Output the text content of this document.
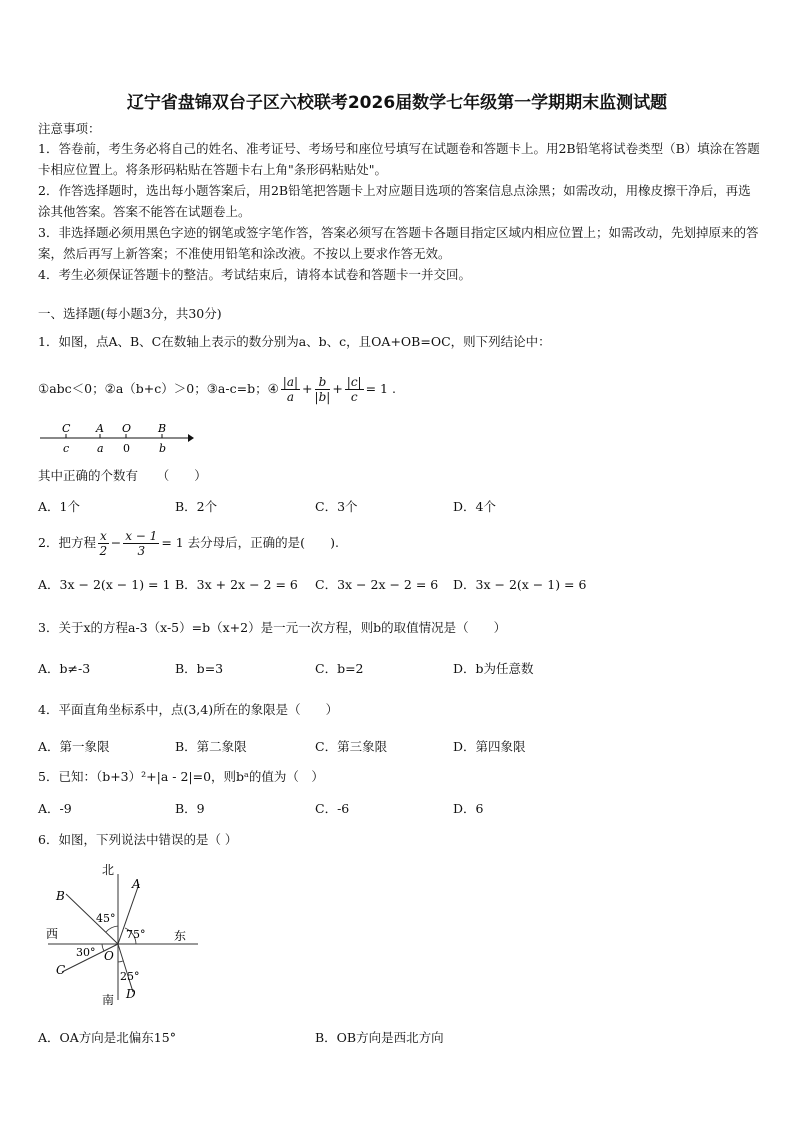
辽宁省盘锦双台子区六校联考2026届数学七年级第一学期期末监测试题
注意事项：
1．答卷前，考生务必将自己的姓名、准考证号、考场号和座位号填写在试题卷和答题卡上。用2B铅笔将试卷类型（B）填涂在答题卡相应位置上。将条形码粘贴在答题卡右上角"条形码粘贴处"。
2．作答选择题时，选出每小题答案后，用2B铅笔把答题卡上对应题目选项的答案信息点涂黑；如需改动，用橡皮擦干净后，再选涂其他答案。答案不能答在试题卷上。
3．非选择题必须用黑色字迹的钢笔或签字笔作答，答案必须写在答题卡各题目指定区域内相应位置上；如需改动，先划掉原来的答案，然后再写上新答案；不准使用铅笔和涂改液。不按以上要求作答无效。
4．考生必须保证答题卡的整洁。考试结束后，请将本试卷和答题卡一并交回。
一、选择题(每小题3分，共30分)
1．如图，点A、B、C在数轴上表示的数分别为a、b、c，且OA+OB=OC，则下列结论中：
①abc＜0； ②a（b+c）＞0； ③a-c=b； ④ $\frac{|a|}{a} + \frac{b}{|b|} + \frac{|c|}{c} = 1$ .
C A O B
c	a 0	b
其中正确的个数有　　（　　）
A．1个	B．2个	C．3个	D．4个
2．把方程 $\frac{x}{2} - \frac{x - 1}{3} = 1$ 去分母后，正确的是(　　).
A．3x − 2(x − 1) = 1 B．3x + 2x − 2 = 6 C．3x − 2x − 2 = 6 D．3x − 2(x − 1) = 6
3．关于x的方程a-3（x-5）=b（x+2）是一元一次方程，则b的取值情况是（　　）
A．b≠-3	B．b=3	C．b=2	D．b为任意数
4．平面直角坐标系中，点(3,4)所在的象限是（　　）
A．第一象限	B．第二象限	C．第三象限	D．第四象限
5．已知：（b+3）²+|a - 2|=0，则bᵃ的值为（　）
A．-9	B．9	C．-6	D．6
6．如图，下列说法中错误的是（ ）
北
南
西	东
A
B
C
D
O
45°
75°
30°
25°
A．OA方向是北偏东15°	B．OB方向是西北方向
